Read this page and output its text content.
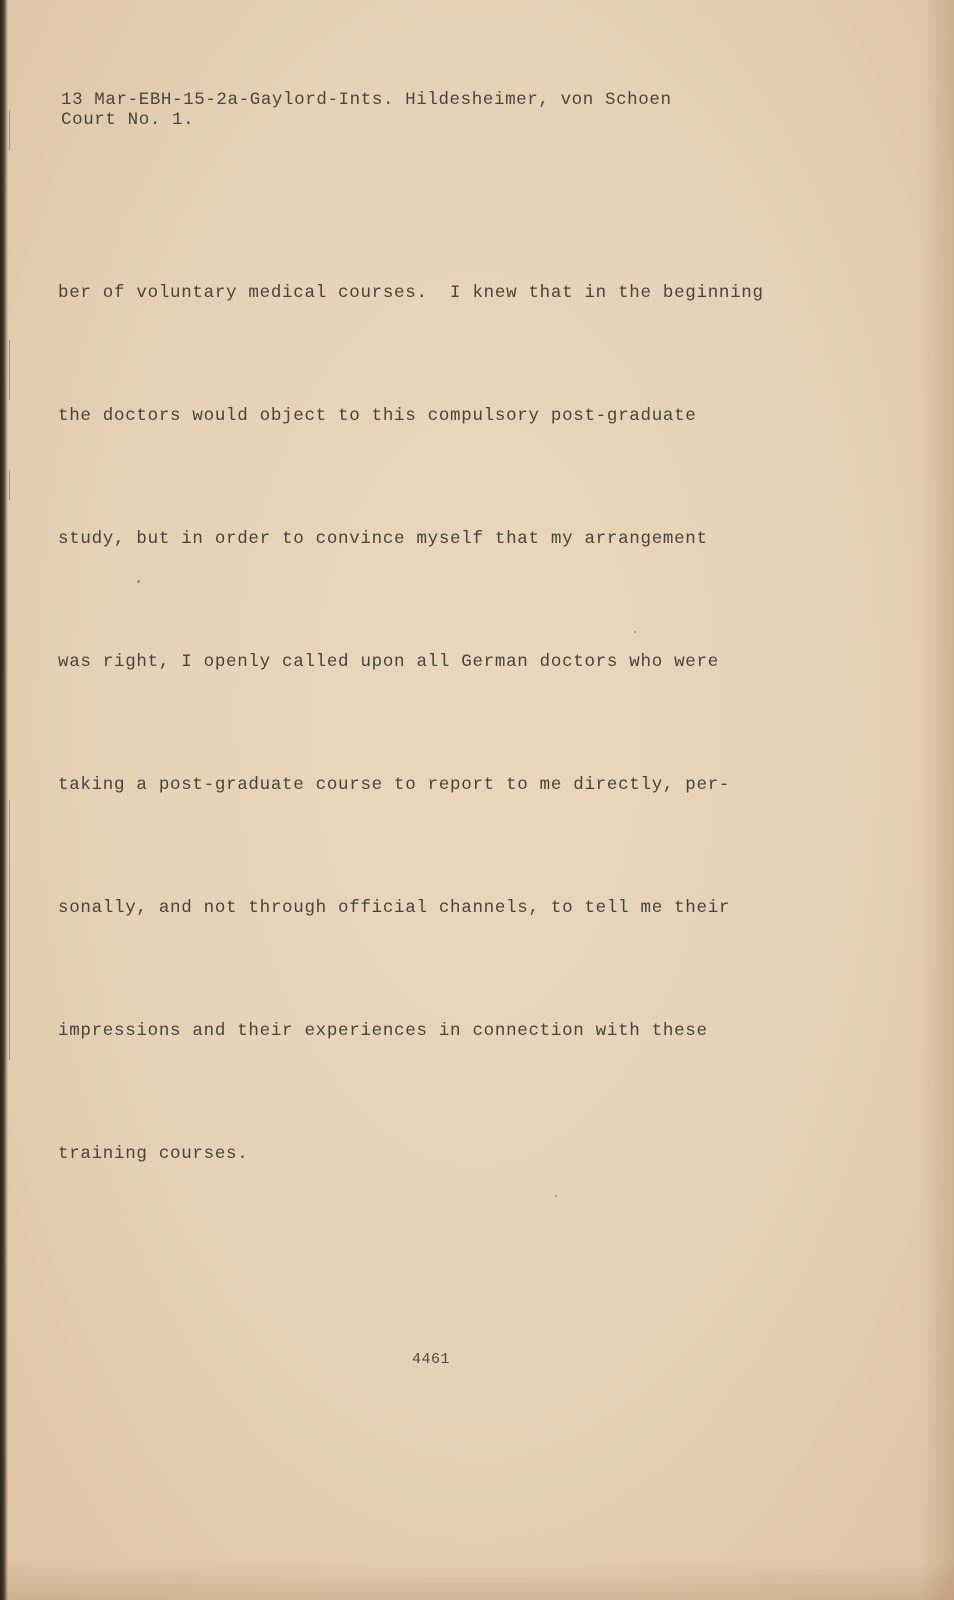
13 Mar-EBH-15-2a-Gaylord-Ints. Hildesheimer, von Schoen
Court No. 1.

ber of voluntary medical courses.  I knew that in the beginning

the doctors would object to this compulsory post-graduate

study, but in order to convince myself that my arrangement

was right, I openly called upon all German doctors who were

taking a post-graduate course to report to me directly, per-

sonally, and not through official channels, to tell me their

impressions and their experiences in connection with these

training courses.

4461
